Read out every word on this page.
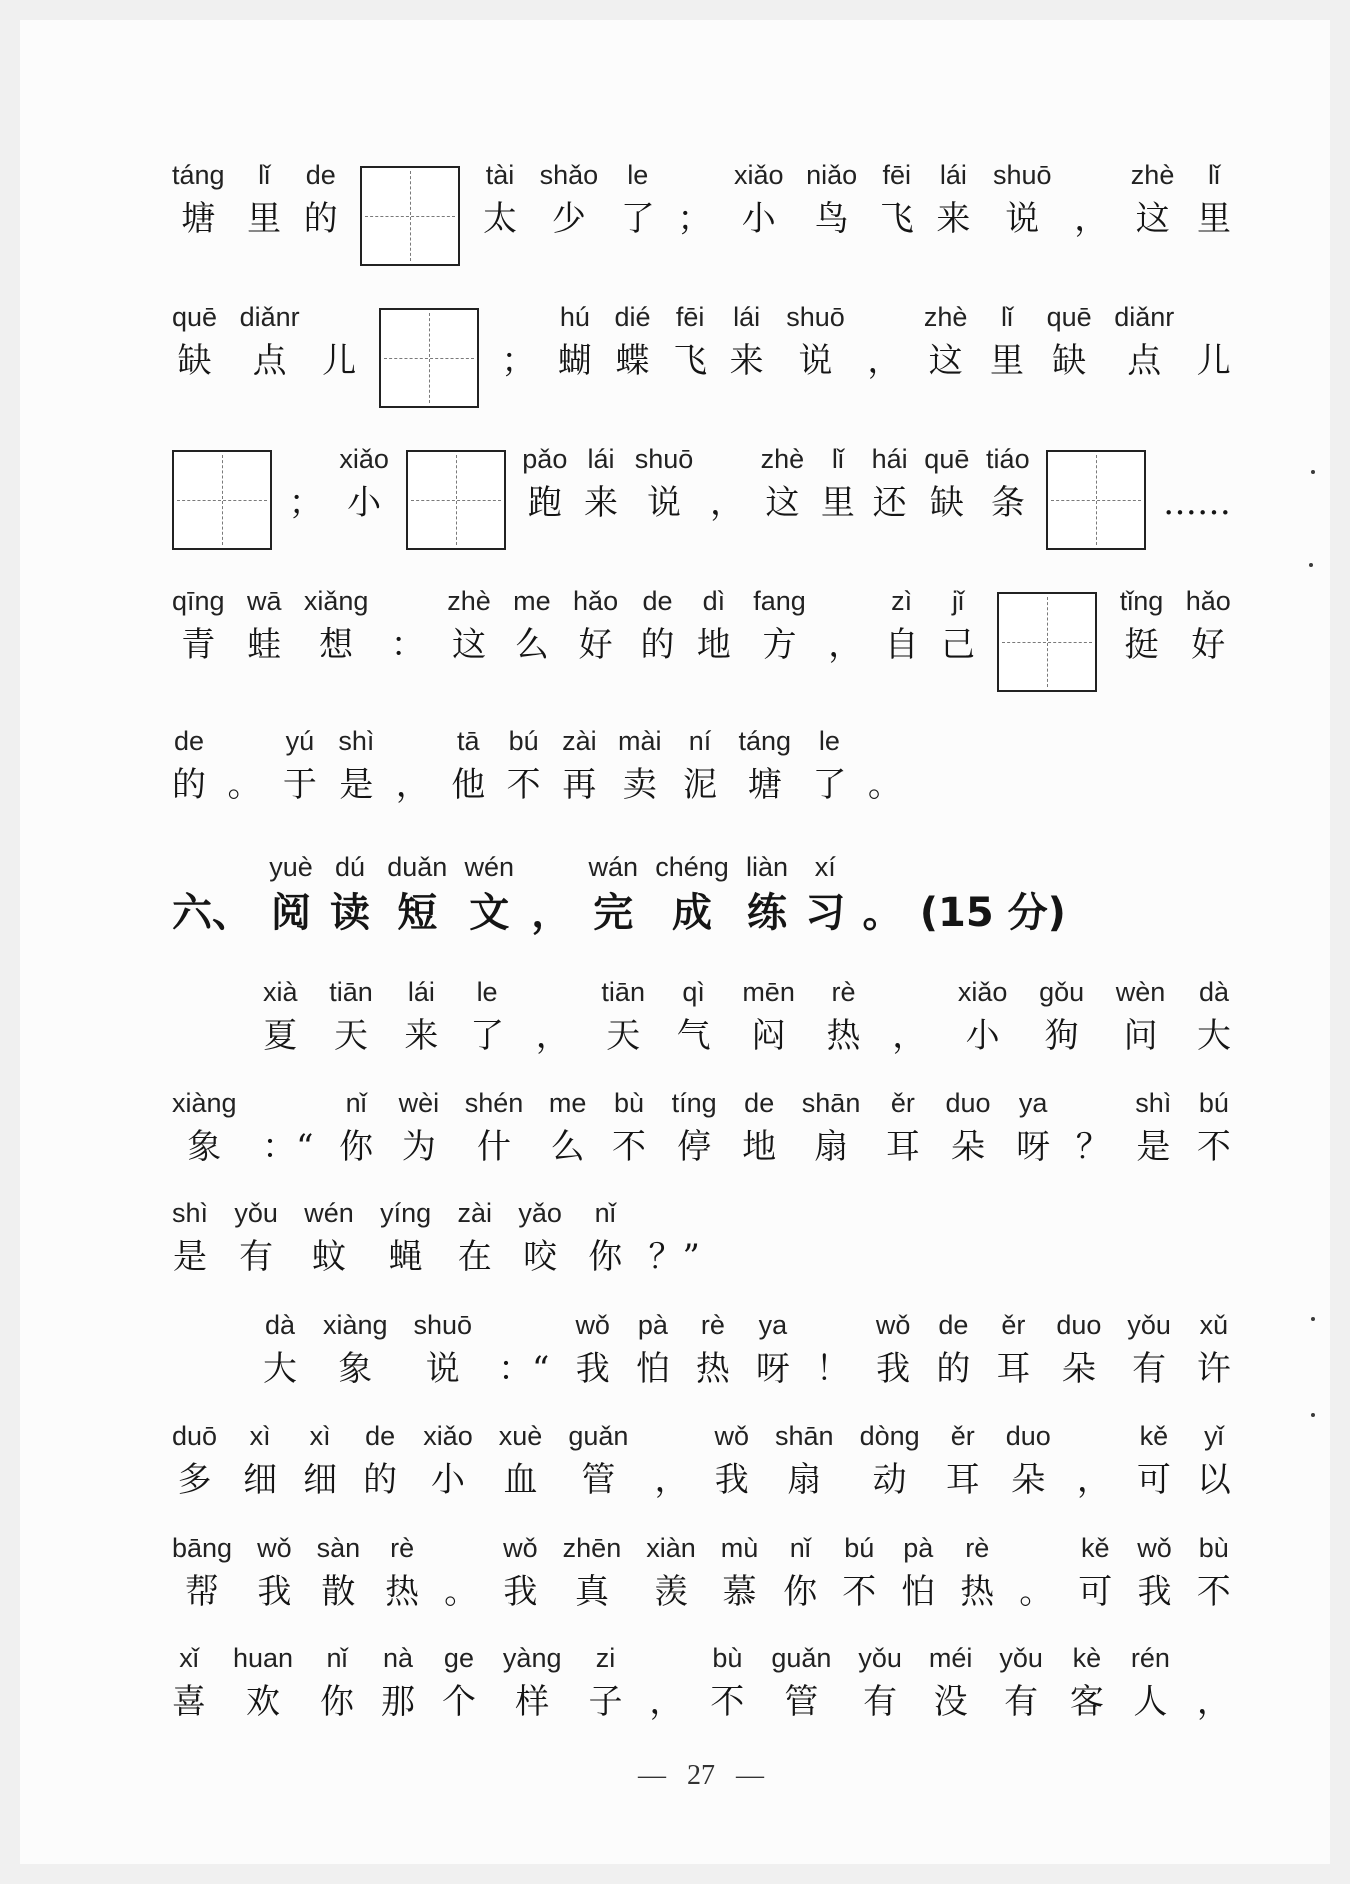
táng
塘
lǐ
里
de
的
tài
太
shǎo
少
le
了 ；
xiǎo
小
niǎo
鸟
fēi
飞
lái
来
shuō
说 ，
zhè
这
lǐ
里
quē
缺
diǎnr
点 儿	；
hú
蝴
dié
蝶
fēi
飞
lái
来
shuō
说 ，
zhè
这
lǐ
里
quē
缺
diǎnr
点 儿
；
xiǎo
小
pǎo
跑
lái
来
shuō
说 ，
zhè
这
lǐ
里
hái
还
quē
缺
tiáo
条	……
qīng
青
wā
蛙
xiǎng
想 ：
zhè
这
me
么
hǎo
好
de
的
dì
地
fang
方 ，
zì
自
jǐ
己
tǐng
挺
hǎo
好
de
的 。
yú
于
shì
是 ，
tā
他
bú
不
zài
再
mài
卖
ní
泥
táng
塘
le
了 。
六、
yuè
阅
dú
读
duǎn
短
wén
文 ，
wán
完
chéng
成
liàn
练
xí
习 。 (15 分)
xià
夏
tiān
天
lái
来
le
了 ，
tiān
天
qì
气
mēn
闷
rè
热 ，
xiǎo
小
gǒu
狗
wèn
问
dà
大
xiàng
象 ：“
nǐ
你
wèi
为
shén
什
me
么
bù
不
tíng
停
de
地
shān
扇
ěr
耳
duo
朵
ya
呀 ？
shì
是
bú
不
shì
是
yǒu
有
wén
蚊
yíng
蝇
zài
在
yǎo
咬
nǐ
你 ？”
dà
大
xiàng
象
shuō
说 ：“
wǒ
我
pà
怕
rè
热
ya
呀 ！
wǒ
我
de
的
ěr
耳
duo
朵
yǒu
有
xǔ
许
duō
多
xì
细
xì
细
de
的
xiǎo
小
xuè
血
guǎn
管 ，
wǒ
我
shān
扇
dòng
动
ěr
耳
duo
朵 ，
kě
可
yǐ
以
bāng
帮
wǒ
我
sàn
散
rè
热 。
wǒ
我
zhēn
真
xiàn
羡
mù
慕
nǐ
你
bú
不
pà
怕
rè
热 。
kě
可
wǒ
我
bù
不
xǐ
喜
huan
欢
nǐ
你
nà
那
ge
个
yàng
样
zi
子 ，
bù
不
guǎn
管
yǒu
有
méi
没
yǒu
有
kè
客
rén
人 ，
— 27 —
